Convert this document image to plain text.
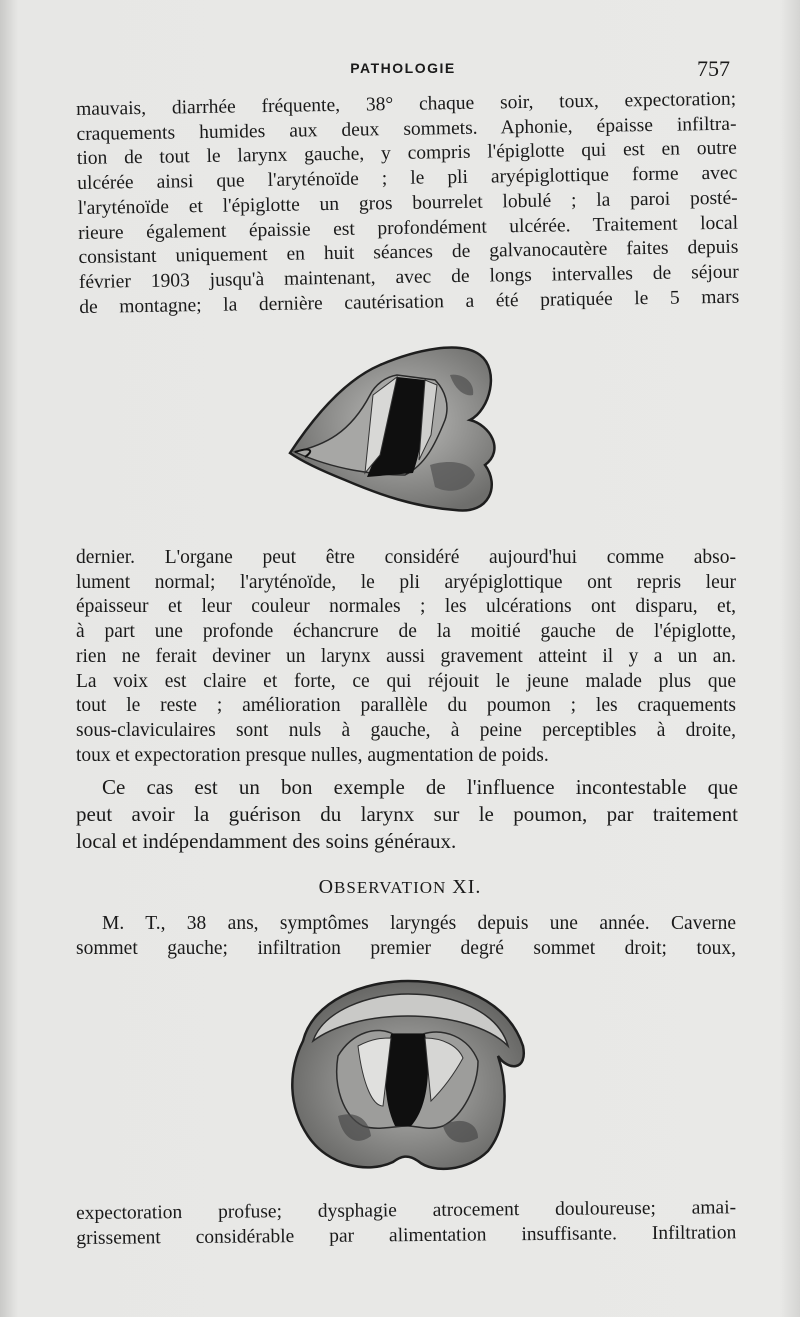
PATHOLOGIE	757

mauvais, diarrhée fréquente, 38° chaque soir, toux, expectoration;
craquements humides aux deux sommets. Aphonie, épaisse infiltra-
tion de tout le larynx gauche, y compris l'épiglotte qui est en outre
ulcérée ainsi que l'aryténoïde ; le pli aryépiglottique forme avec
l'aryténoïde et l'épiglotte un gros bourrelet lobulé ; la paroi posté-
rieure également épaissie est profondément ulcérée. Traitement local
consistant uniquement en huit séances de galvanocautère faites depuis
février 1903 jusqu'à maintenant, avec de longs intervalles de séjour
de montagne; la dernière cautérisation a été pratiquée le 5 mars

dernier. L'organe peut être considéré aujourd'hui comme abso-
lument normal; l'aryténoïde, le pli aryépiglottique ont repris leur
épaisseur et leur couleur normales ; les ulcérations ont disparu, et,
à part une profonde échancrure de la moitié gauche de l'épiglotte,
rien ne ferait deviner un larynx aussi gravement atteint il y a un an.
La voix est claire et forte, ce qui réjouit le jeune malade plus que
tout le reste ; amélioration parallèle du poumon ; les craquements
sous-claviculaires sont nuls à gauche, à peine perceptibles à droite,
toux et expectoration presque nulles, augmentation de poids.

Ce cas est un bon exemple de l'influence incontestable que
peut avoir la guérison du larynx sur le poumon, par traitement
local et indépendamment des soins généraux.

OBSERVATION XI.

M. T., 38 ans, symptômes laryngés depuis une année. Caverne
sommet gauche; infiltration premier degré sommet droit; toux,

expectoration profuse; dysphagie atrocement douloureuse; amai-
grissement considérable par alimentation insuffisante. Infiltration
